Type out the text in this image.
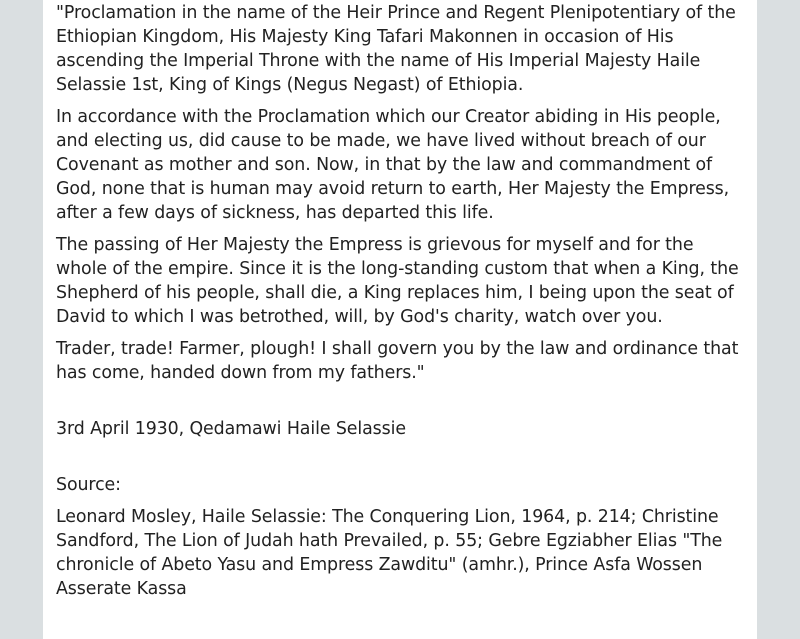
"Proclamation in the name of the Heir Prince and Regent Plenipotentiary of the Ethiopian Kingdom, His Majesty King Tafari Makonnen in occasion of His ascending the Imperial Throne with the name of His Imperial Majesty Haile Selassie 1st, King of Kings (Negus Negast) of Ethiopia.

In accordance with the Proclamation which our Creator abiding in His people, and electing us, did cause to be made, we have lived without breach of our Covenant as mother and son. Now, in that by the law and commandment of God, none that is human may avoid return to earth, Her Majesty the Empress, after a few days of sickness, has departed this life.

The passing of Her Majesty the Empress is grievous for myself and for the whole of the empire. Since it is the long-standing custom that when a King, the Shepherd of his people, shall die, a King replaces him, I being upon the seat of David to which I was betrothed, will, by God's charity, watch over you.

Trader, trade! Farmer, plough! I shall govern you by the law and ordinance that has come, handed down from my fathers."

3rd April 1930, Qedamawi Haile Selassie

Source:

Leonard Mosley, Haile Selassie: The Conquering Lion, 1964, p. 214; Christine Sandford, The Lion of Judah hath Prevailed, p. 55; Gebre Egziabher Elias "The chronicle of Abeto Yasu and Empress Zawditu" (amhr.), Prince Asfa Wossen Asserate Kassa
